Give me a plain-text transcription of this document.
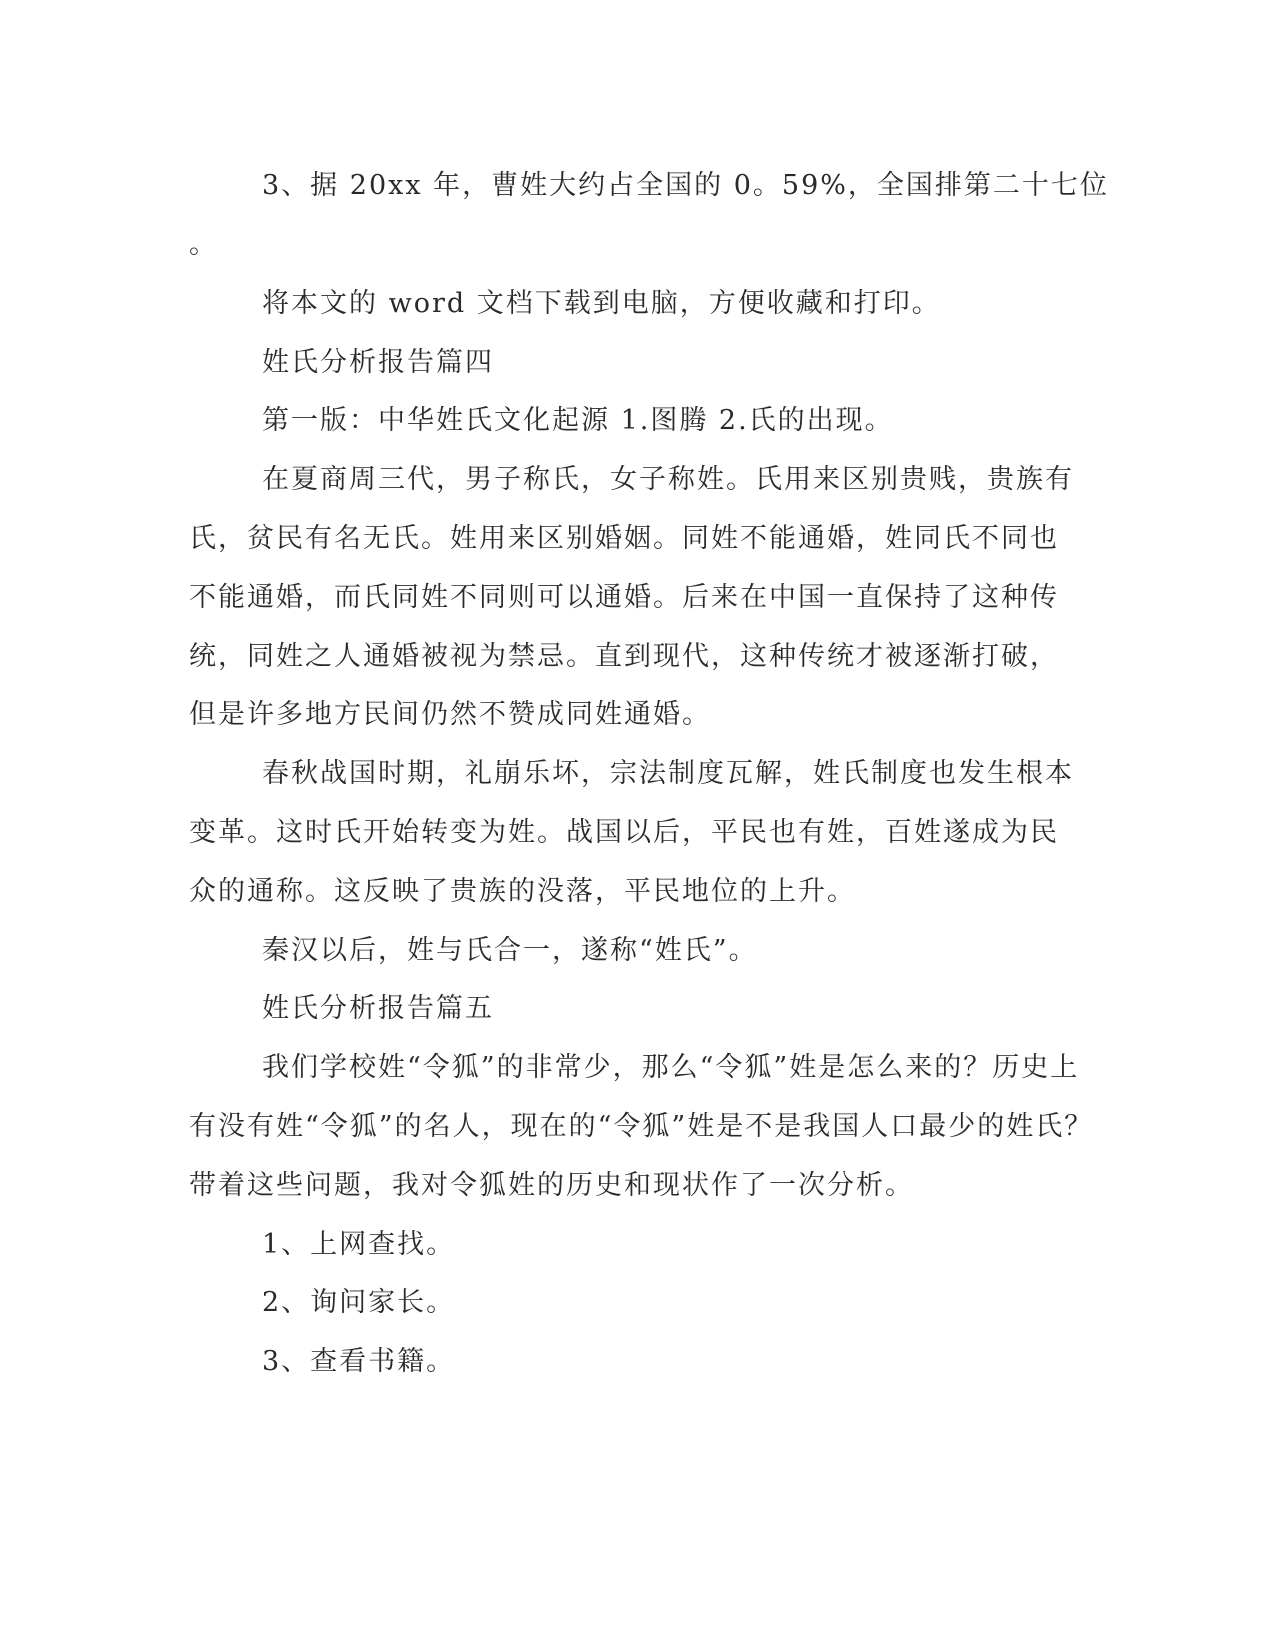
3、据 20xx 年，曹姓大约占全国的 0。59%，全国排第二十七位
。
将本文的 word 文档下载到电脑，方便收藏和打印。
姓氏分析报告篇四
第一版：中华姓氏文化起源 1.图腾 2.氏的出现。
在夏商周三代，男子称氏，女子称姓。氏用来区别贵贱，贵族有
氏，贫民有名无氏。姓用来区别婚姻。同姓不能通婚，姓同氏不同也
不能通婚，而氏同姓不同则可以通婚。后来在中国一直保持了这种传
统，同姓之人通婚被视为禁忌。直到现代，这种传统才被逐渐打破，
但是许多地方民间仍然不赞成同姓通婚。
春秋战国时期，礼崩乐坏，宗法制度瓦解，姓氏制度也发生根本
变革。这时氏开始转变为姓。战国以后，平民也有姓，百姓遂成为民
众的通称。这反映了贵族的没落，平民地位的上升。
秦汉以后，姓与氏合一，遂称“姓氏”。
姓氏分析报告篇五
我们学校姓“令狐”的非常少，那么“令狐”姓是怎么来的？历史上
有没有姓“令狐”的名人，现在的“令狐”姓是不是我国人口最少的姓氏？
带着这些问题，我对令狐姓的历史和现状作了一次分析。
1、上网查找。
2、询问家长。
3、查看书籍。
